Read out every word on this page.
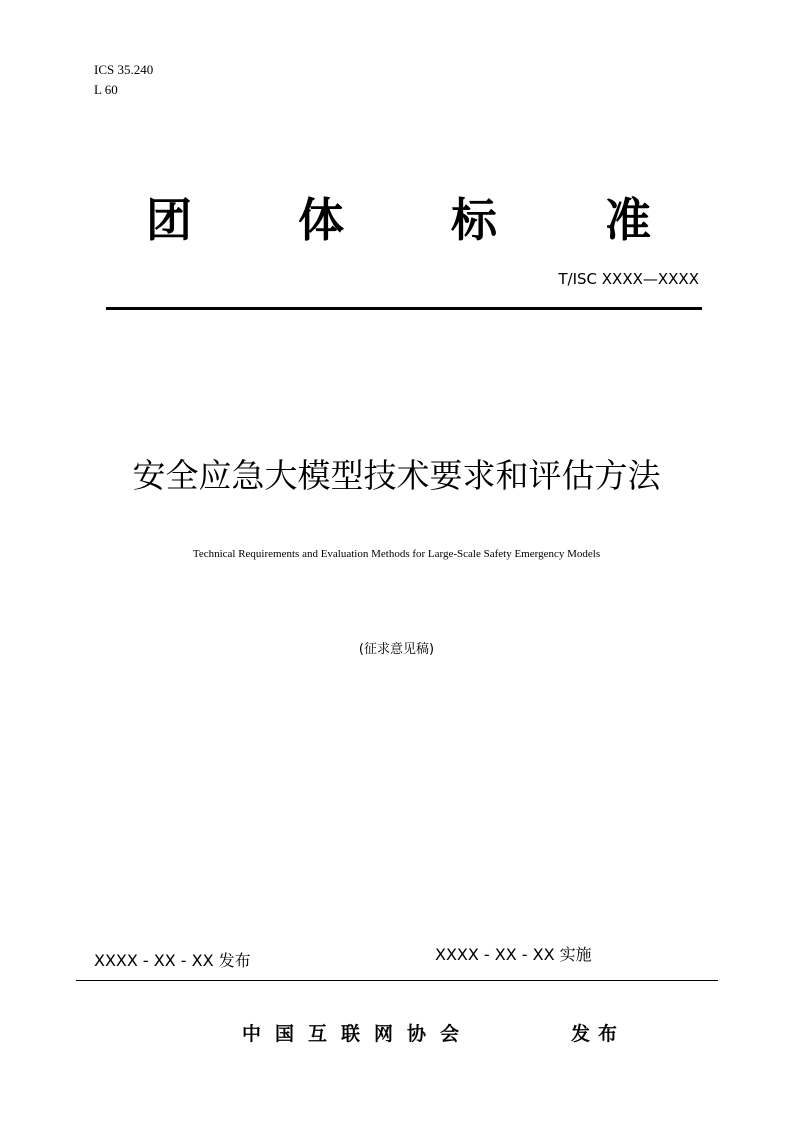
ICS 35.240
L 60
团 体 标 准
T/ISC XXXX—XXXX
安全应急大模型技术要求和评估方法
Technical Requirements and Evaluation Methods for Large-Scale Safety Emergency Models
(征求意见稿)
XXXX - XX - XX 发布	XXXX - XX - XX 实施
中国互联网协会	发布
